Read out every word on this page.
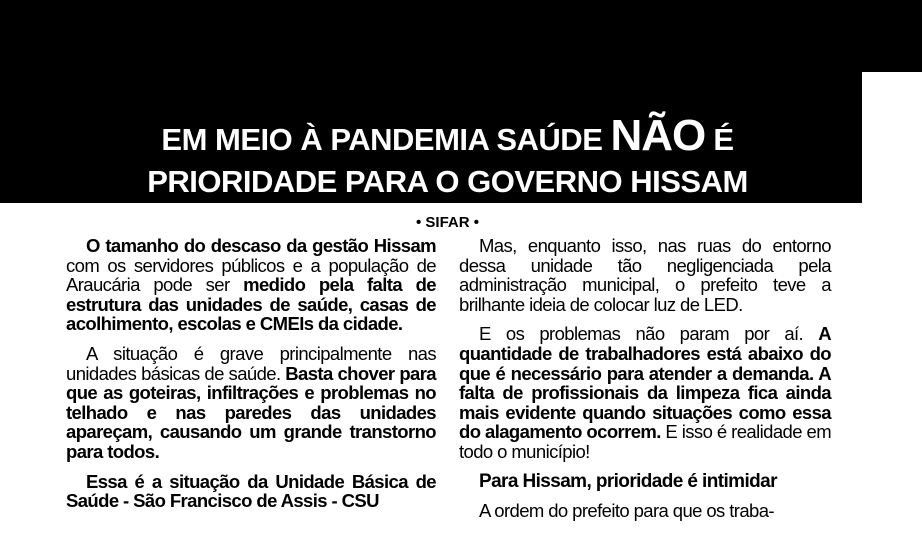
EM MEIO À PANDEMIA SAÚDE NÃO É
PRIORIDADE PARA O GOVERNO HISSAM
• SIFAR •

O tamanho do descaso da gestão Hissam com os servidores públicos e a população de Araucária pode ser medido pela falta de estrutura das unidades de saúde, casas de acolhimento, escolas e CMEIs da cidade.

A situação é grave principalmente nas unidades básicas de saúde. Basta chover para que as goteiras, infiltrações e problemas no telhado e nas paredes das unidades apareçam, causando um grande transtorno para todos.

Essa é a situação da Unidade Básica de Saúde - São Francisco de Assis - CSU

Mas, enquanto isso, nas ruas do entorno dessa unidade tão negligenciada pela administração municipal, o prefeito teve a brilhante ideia de colocar luz de LED.

E os problemas não param por aí. A quantidade de trabalhadores está abaixo do que é necessário para atender a demanda. A falta de profissionais da limpeza fica ainda mais evidente quando situações como essa do alagamento ocorrem. E isso é realidade em todo o município!

Para Hissam, prioridade é intimidar

A ordem do prefeito para que os traba-
